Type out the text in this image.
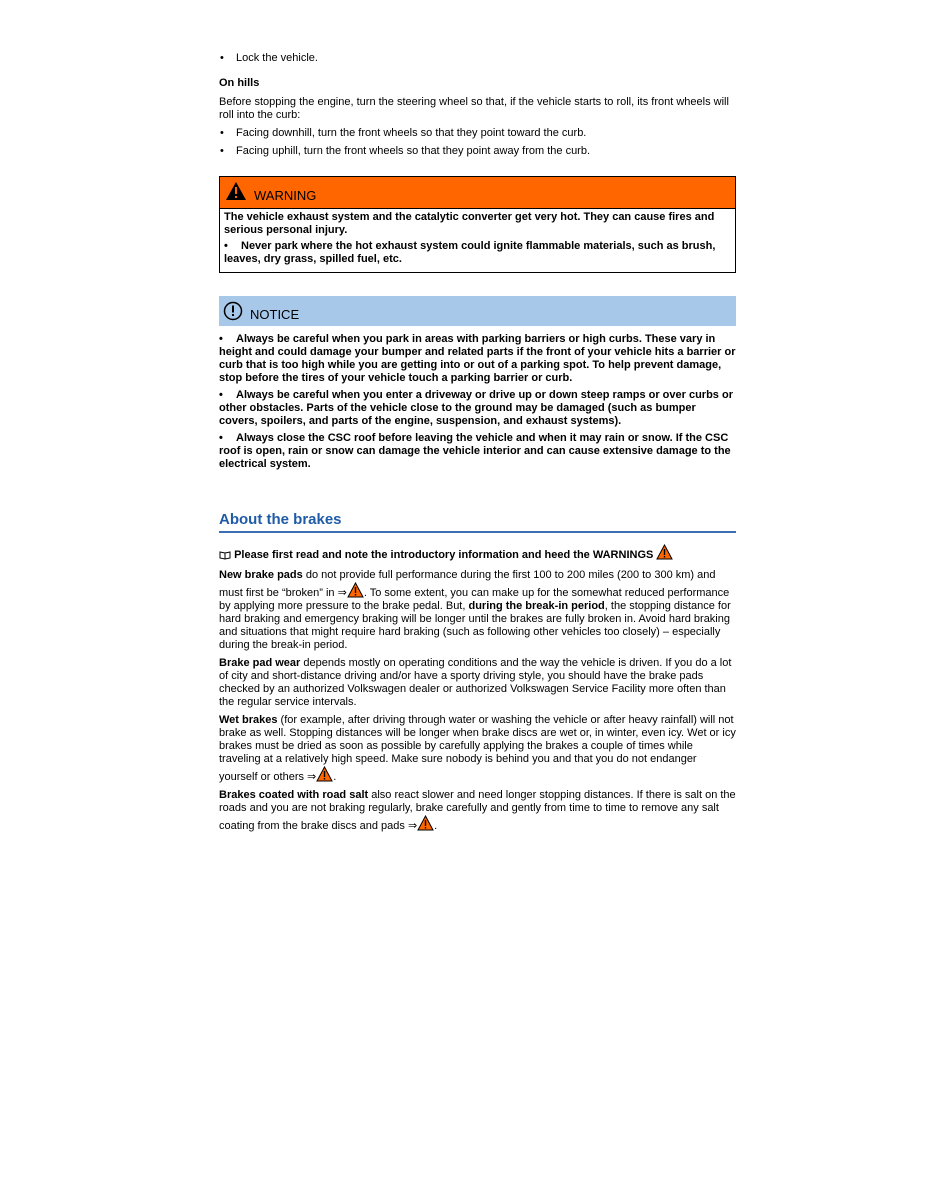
• Lock the vehicle.
On hills

Before stopping the engine, turn the steering wheel so that, if the vehicle starts to roll, its front wheels will roll into the curb:

• Facing downhill, turn the front wheels so that they point toward the curb.
• Facing uphill, turn the front wheels so that they point away from the curb.
WARNING

The vehicle exhaust system and the catalytic converter get very hot. They can cause fires and serious personal injury.

• Never park where the hot exhaust system could ignite flammable materials, such as brush, leaves, dry grass, spilled fuel, etc.

NOTICE

• Always be careful when you park in areas with parking barriers or high curbs. These vary in height and could damage your bumper and related parts if the front of your vehicle hits a barrier or curb that is too high while you are getting into or out of a parking spot. To help prevent damage, stop before the tires of your vehicle touch a parking barrier or curb.

• Always be careful when you enter a driveway or drive up or down steep ramps or over curbs or other obstacles. Parts of the vehicle close to the ground may be damaged (such as bumper covers, spoilers, and parts of the engine, suspension, and exhaust systems).

• Always close the CSC roof before leaving the vehicle and when it may rain or snow. If the CSC roof is open, rain or snow can damage the vehicle interior and can cause extensive damage to the electrical system.

About the brakes
Please first read and note the introductory information and heed the WARNINGS

New brake pads do not provide full performance during the first 100 to 200 miles (200 to 300 km) and must first be “broken” in ⇒ . To some extent, you can make up for the somewhat reduced performance by applying more pressure to the brake pedal. But, during the break-in period, the stopping distance for hard braking and emergency braking will be longer until the brakes are fully broken in. Avoid hard braking and situations that might require hard braking (such as following other vehicles too closely) – especially during the break-in period.

Brake pad wear depends mostly on operating conditions and the way the vehicle is driven. If you do a lot of city and short-distance driving and/or have a sporty driving style, you should have the brake pads checked by an authorized Volkswagen dealer or authorized Volkswagen Service Facility more often than the regular service intervals.

Wet brakes (for example, after driving through water or washing the vehicle or after heavy rainfall) will not brake as well. Stopping distances will be longer when brake discs are wet or, in winter, even icy. Wet or icy brakes must be dried as soon as possible by carefully applying the brakes a couple of times while traveling at a relatively high speed. Make sure nobody is behind you and that you do not endanger yourself or others ⇒ .

Brakes coated with road salt also react slower and need longer stopping distances. If there is salt on the roads and you are not braking regularly, brake carefully and gently from time to time to remove any salt coating from the brake discs and pads ⇒ .
